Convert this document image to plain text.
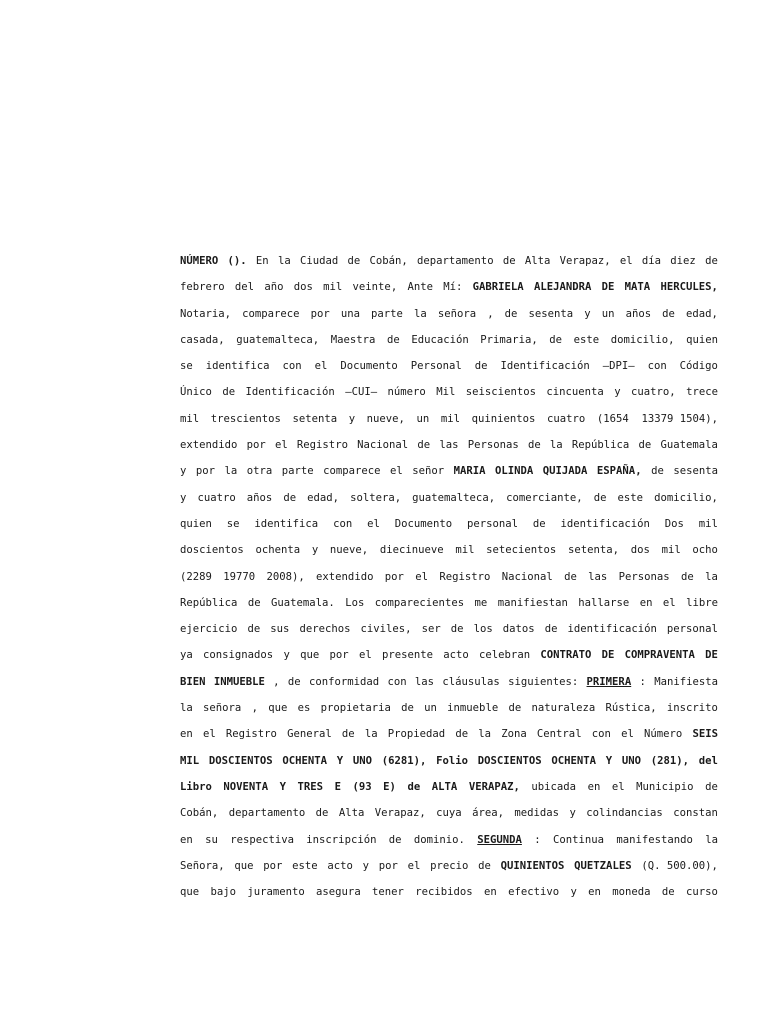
NÚMERO (). En la Ciudad de Cobán, departamento de Alta Verapaz, el día diez de
febrero del año dos mil veinte, Ante Mí: GABRIELA ALEJANDRA DE MATA HERCULES,
Notaria, comparece por una parte la señora , de sesenta y un años de edad,
casada, guatemalteca, Maestra de Educación Primaria, de este domicilio, quien
se identifica con el Documento Personal de Identificación –DPI– con Código
Único de Identificación –CUI– número Mil seiscientos cincuenta y cuatro, trece
mil trescientos setenta y nueve, un mil quinientos cuatro (1654  13379 1504),
extendido por el Registro Nacional de las Personas de la República de Guatemala
y por la otra parte comparece el señor MARIA OLINDA QUIJADA ESPAÑA, de sesenta
y cuatro años de edad, soltera, guatemalteca, comerciante, de este domicilio,
quien se identifica con el Documento personal de identificación Dos mil
doscientos ochenta y nueve, diecinueve mil setecientos setenta, dos mil ocho
(2289 19770 2008), extendido por el Registro Nacional de las Personas de la
República de Guatemala. Los comparecientes me manifiestan hallarse en el libre
ejercicio de sus derechos civiles, ser de los datos de identificación personal
ya consignados y que por el presente acto celebran CONTRATO DE COMPRAVENTA DE
BIEN INMUEBLE , de conformidad con las cláusulas siguientes: PRIMERA : Manifiesta
la señora , que es propietaria de un inmueble de naturaleza Rústica, inscrito
en el Registro General de la Propiedad de la Zona Central con el Número SEIS
MIL DOSCIENTOS OCHENTA Y UNO (6281), Folio DOSCIENTOS OCHENTA Y UNO (281), del
Libro NOVENTA Y TRES E (93 E) de ALTA VERAPAZ, ubicada en el Municipio de
Cobán, departamento de Alta Verapaz, cuya área, medidas y colindancias constan
en su respectiva inscripción de dominio. SEGUNDA : Continua manifestando la
Señora, que por este acto y por el precio de QUINIENTOS QUETZALES (Q. 500.00),
que bajo juramento asegura tener recibidos en efectivo y en moneda de curso
